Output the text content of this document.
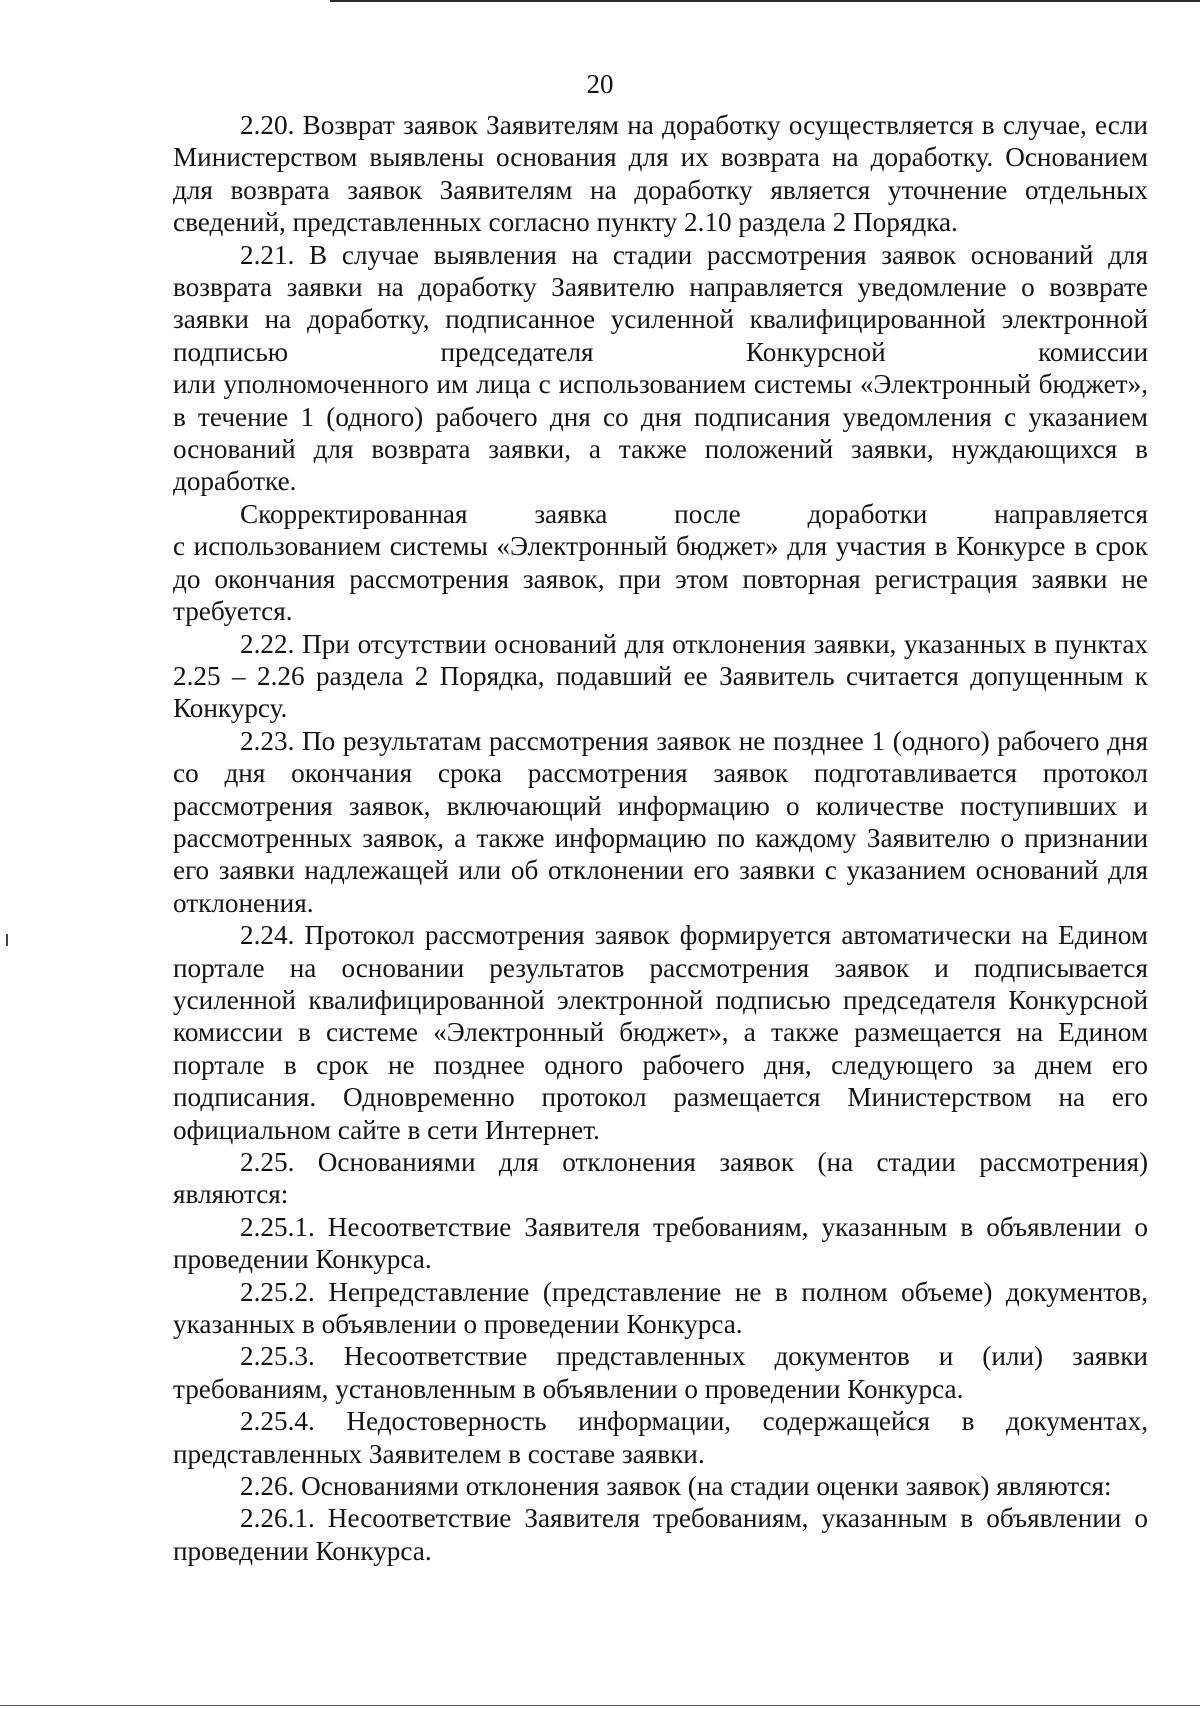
20

2.20. Возврат заявок Заявителям на доработку осуществляется в случае, если Министерством выявлены основания для их возврата на доработку. Основанием для возврата заявок Заявителям на доработку является уточнение отдельных сведений, представленных согласно пункту 2.10 раздела 2 Порядка.

2.21. В случае выявления на стадии рассмотрения заявок оснований для возврата заявки на доработку Заявителю направляется уведомление о возврате заявки на доработку, подписанное усиленной квалифицированной электронной подписью председателя Конкурсной комиссии

или уполномоченного им лица с использованием системы «Электронный бюджет», в течение 1 (одного) рабочего дня со дня подписания уведомления с указанием оснований для возврата заявки, а также положений заявки, нуждающихся в доработке.

Скорректированная заявка после доработки направляется

с использованием системы «Электронный бюджет» для участия в Конкурсе в срок до окончания рассмотрения заявок, при этом повторная регистрация заявки не требуется.

2.22. При отсутствии оснований для отклонения заявки, указанных в пунктах 2.25 – 2.26 раздела 2 Порядка, подавший ее Заявитель считается допущенным к Конкурсу.

2.23. По результатам рассмотрения заявок не позднее 1 (одного) рабочего дня со дня окончания срока рассмотрения заявок подготавливается протокол рассмотрения заявок, включающий информацию о количестве поступивших и рассмотренных заявок, а также информацию по каждому Заявителю о признании его заявки надлежащей или об отклонении его заявки с указанием оснований для отклонения.

2.24. Протокол рассмотрения заявок формируется автоматически на Едином портале на основании результатов рассмотрения заявок и подписывается усиленной квалифицированной электронной подписью председателя Конкурсной комиссии в системе «Электронный бюджет», а также размещается на Едином портале в срок не позднее одного рабочего дня, следующего за днем его подписания. Одновременно протокол размещается Министерством на его официальном сайте в сети Интернет.

2.25. Основаниями для отклонения заявок (на стадии рассмотрения) являются:

2.25.1. Несоответствие Заявителя требованиям, указанным в объявлении о проведении Конкурса.

2.25.2. Непредставление (представление не в полном объеме) документов, указанных в объявлении о проведении Конкурса.

2.25.3. Несоответствие представленных документов и (или) заявки требованиям, установленным в объявлении о проведении Конкурса.

2.25.4. Недостоверность информации, содержащейся в документах, представленных Заявителем в составе заявки.

2.26. Основаниями отклонения заявок (на стадии оценки заявок) являются:

2.26.1. Несоответствие Заявителя требованиям, указанным в объявлении о проведении Конкурса.
